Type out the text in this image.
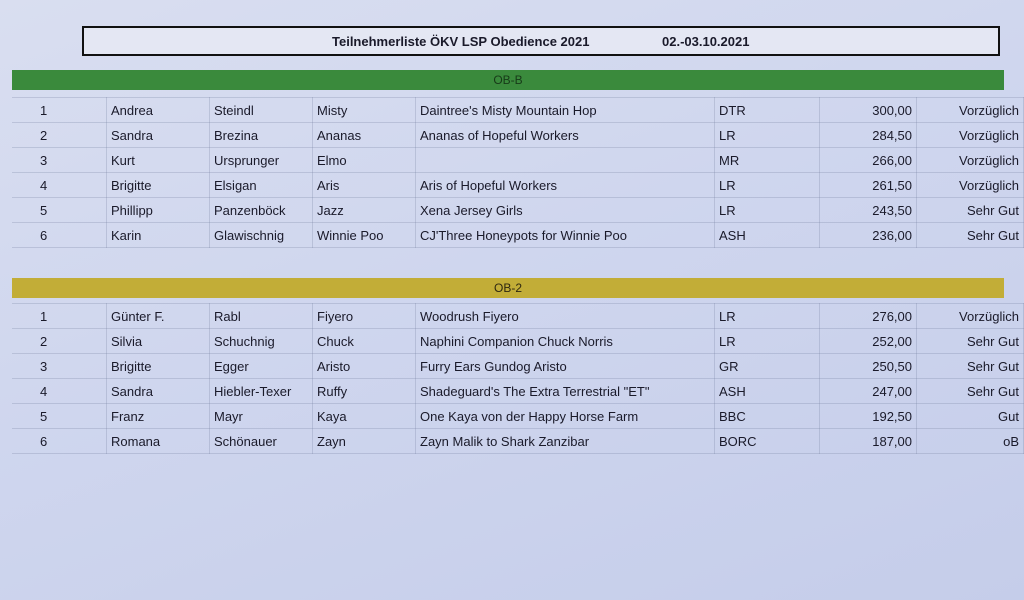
Teilnehmerliste ÖKV LSP Obedience 2021	02.-03.10.2021
OB-B
1	Andrea	Steindl	Misty	Daintree's Misty Mountain Hop	DTR	300,00	Vorzüglich
2	Sandra	Brezina	Ananas	Ananas of Hopeful Workers	LR	284,50	Vorzüglich
3	Kurt	Ursprunger	Elmo		MR	266,00	Vorzüglich
4	Brigitte	Elsigan	Aris	Aris of Hopeful Workers	LR	261,50	Vorzüglich
5	Phillipp	Panzenböck	Jazz	Xena Jersey Girls	LR	243,50	Sehr Gut
6	Karin	Glawischnig	Winnie Poo	CJ'Three Honeypots for Winnie Poo	ASH	236,00	Sehr Gut
OB-2
1	Günter F.	Rabl	Fiyero	Woodrush Fiyero	LR	276,00	Vorzüglich
2	Silvia	Schuchnig	Chuck	Naphini Companion Chuck Norris	LR	252,00	Sehr Gut
3	Brigitte	Egger	Aristo	Furry Ears Gundog Aristo	GR	250,50	Sehr Gut
4	Sandra	Hiebler-Texer	Ruffy	Shadeguard's The Extra Terrestrial "ET"	ASH	247,00	Sehr Gut
5	Franz	Mayr	Kaya	One Kaya von der Happy Horse Farm	BBC	192,50	Gut
6	Romana	Schönauer	Zayn	Zayn Malik to Shark Zanzibar	BORC	187,00	oB
